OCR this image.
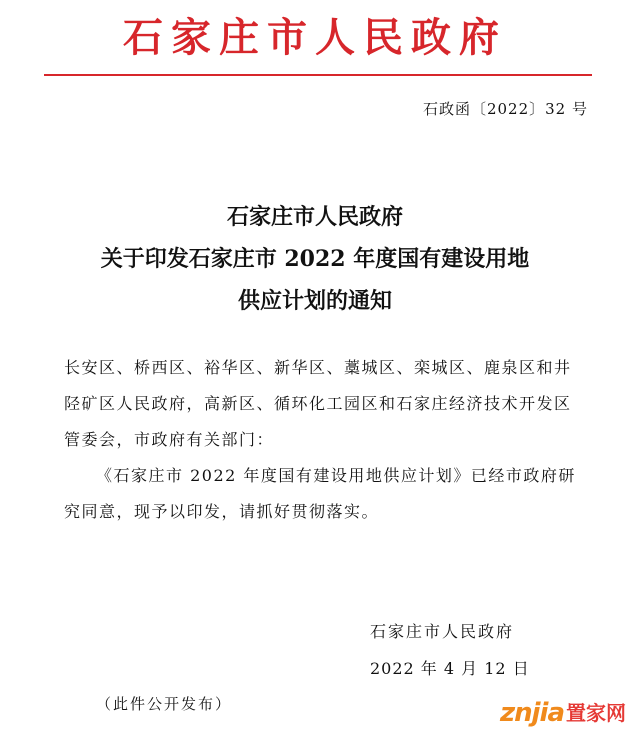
石家庄市人民政府
石政函〔2022〕32 号
石家庄市人民政府
关于印发石家庄市 2022 年度国有建设用地
供应计划的通知

长安区、桥西区、裕华区、新华区、藁城区、栾城区、鹿泉区和井陉矿区人民政府，高新区、循环化工园区和石家庄经济技术开发区管委会，市政府有关部门：

《石家庄市 2022 年度国有建设用地供应计划》已经市政府研究同意，现予以印发，请抓好贯彻落实。

石家庄市人民政府
2022 年 4 月 12 日
（此件公开发布）	znjia 置家网
